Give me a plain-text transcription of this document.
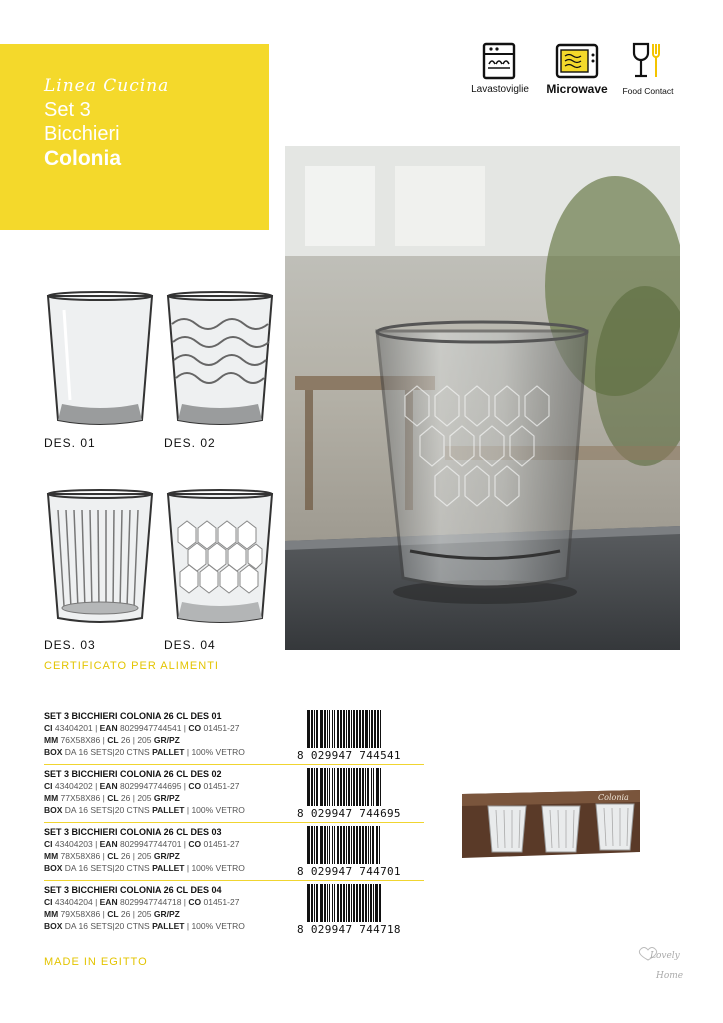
Linea Cucina
Set 3
Bicchieri
Colonia
Lavastoviglie Microwave Food Contact
DES. 01	DES. 02
DES. 03	DES. 04
CERTIFICATO PER ALIMENTI
SET 3 BICCHIERI COLONIA 26 CL DES 01
CI 43404201 | EAN 8029947744541 | CO 01451-27
MM 76X58X86 | CL 26 | 205 GR/PZ
BOX DA 16 SETS|20 CTNS PALLET | 100% VETRO	8 029947 744541
SET 3 BICCHIERI COLONIA 26 CL DES 02
CI 43404202 | EAN 8029947744695 | CO 01451-27
MM 77X58X86 | CL 26 | 205 GR/PZ
BOX DA 16 SETS|20 CTNS PALLET | 100% VETRO	8 029947 744695
SET 3 BICCHIERI COLONIA 26 CL DES 03
CI 43404203 | EAN 8029947744701 | CO 01451-27
MM 78X58X86 | CL 26 | 205 GR/PZ
BOX DA 16 SETS|20 CTNS PALLET | 100% VETRO	8 029947 744701
SET 3 BICCHIERI COLONIA 26 CL DES 04
CI 43404204 | EAN 8029947744718 | CO 01451-27
MM 79X58X86 | CL 26 | 205 GR/PZ
BOX DA 16 SETS|20 CTNS PALLET | 100% VETRO	8 029947 744718
Colonia
MADE IN EGITTO	Lovely
Home
